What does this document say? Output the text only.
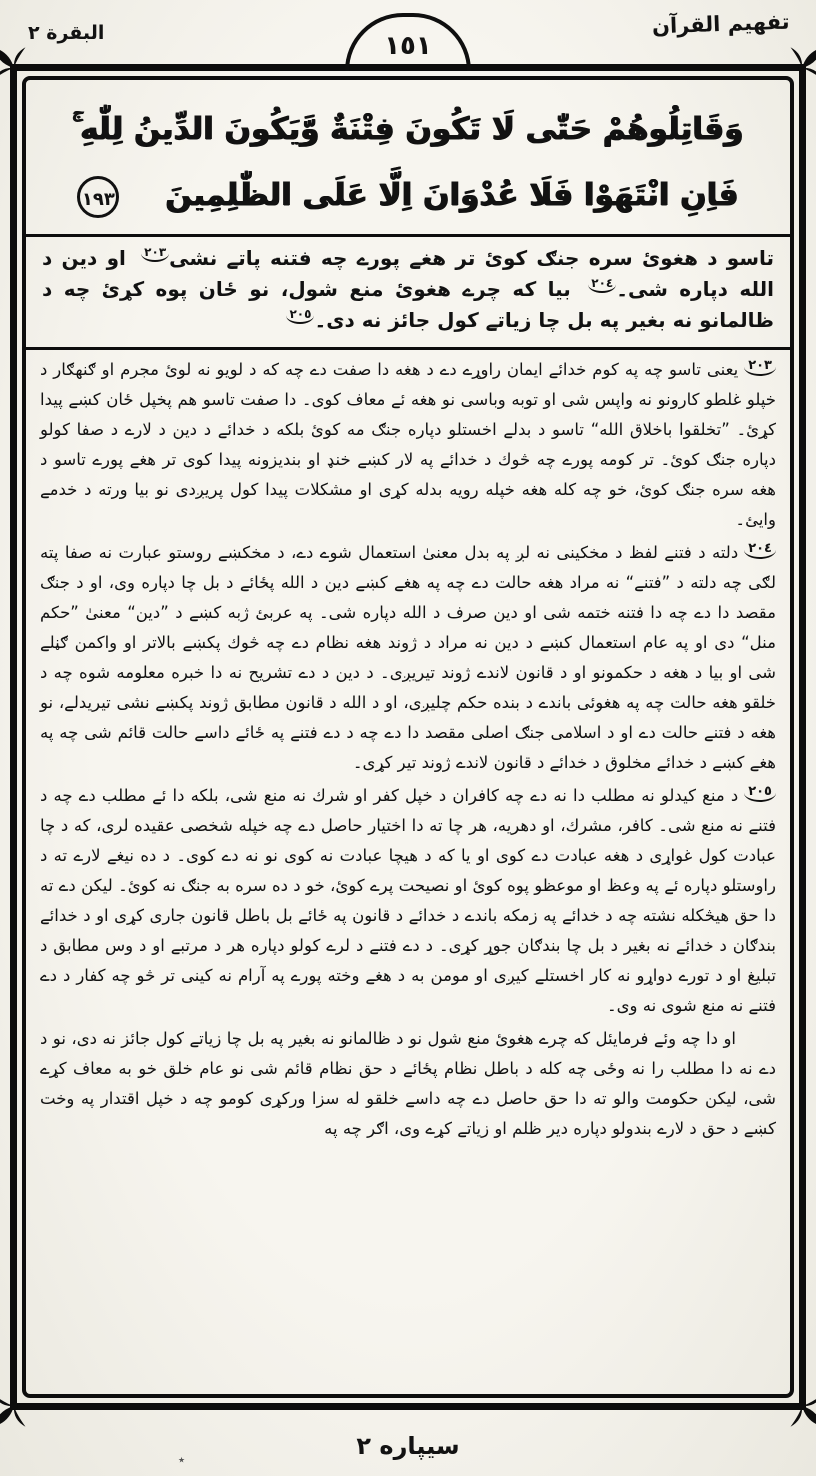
تفهيم القرآن
١٥١
البقرة ٢
وَقَاتِلُوهُمْ حَتّٰى لَا تَكُونَ فِتْنَةٌ وَّيَكُونَ الدِّينُ لِلّٰهِ ۚ
فَاِنِ انْتَهَوْا فَلَا عُدْوَانَ اِلَّا عَلَى الظّٰلِمِينَ١٩٣

تاسو د هغوئ سره جنګ كوئ تر هغے پورے چه فتنه پاتے نشى$^{٢٠٣}$ او دين د الله دپاره شى۔$^{٢٠٤}$ بيا كه چرے هغوئ منع شول، نو ځان پوه كړئ چه د ظالمانو نه بغير په بل چا زياتے كول جائز نه دى۔$^{٢٠٥}$

$^{٢٠٣}$يعنى تاسو چه په كوم خدائے ايمان راوړے دے د هغه دا صفت دے چه كه د لويو نه لوئ مجرم او ګنهګار د خپلو غلطو كارونو نه واپس شى او توبه وباسى نو هغه ئے معاف كوى۔ دا صفت تاسو هم پخپل ځان كښے پيدا كړئ۔ ”تخلقوا باخلاق الله“ تاسو د بدلے اخستلو دپاره جنګ مه كوئ بلكه د خدائے د دين د لارے د صفا كولو دپاره جنګ كوئ۔ تر كومه پورے چه څوك د خدائے په لار كښے خنډ او بنديزونه پيدا كوى تر هغے پورے تاسو د هغه سره جنګ كوئ، خو چه كله هغه خپله رويه بدله كړى او مشكلات پيدا كول پريږدى نو بيا ورته د خدمے وايئ۔

$^{٢٠٤}$دلته د فتنے لفظ د مخكينى نه لږ په بدل معنىٰ استعمال شوے دے، د مخكښے روستو عبارت نه صفا پته لګى چه دلته د ”فتنے“ نه مراد هغه حالت دے چه په هغے كښے دين د الله پځائے د بل چا دپاره وى، او د جنګ مقصد دا دے چه دا فتنه ختمه شى او دين صرف د الله دپاره شى۔ په عربئ ژبه كښے د ”دين“ معنىٰ ”حكم منل“ دى او په عام استعمال كښے د دين نه مراد د ژوند هغه نظام دے چه څوك پكښے بالاتر او واكمن ګڼلے شى او بيا د هغه د حكمونو او د قانون لاندے ژوند تيريږى۔ د دين د دے تشريح نه دا خبره معلومه شوه چه د خلقو هغه حالت چه په هغوئى باندے د بنده حكم چليږى، او د الله د قانون مطابق ژوند پكښے نشى تيريدلے، نو هغه د فتنے حالت دے او د اسلامى جنګ اصلى مقصد دا دے چه د دے فتنے په ځائے داسے حالت قائم شى چه په هغے كښے د خدائے مخلوق د خدائے د قانون لاندے ژوند تير كړى۔

$^{٢٠٥}$د منع كيدلو نه مطلب دا نه دے چه كافران د خپل كفر او شرك نه منع شى، بلكه دا ئے مطلب دے چه د فتنے نه منع شى۔ كافر، مشرك، او دهريه، هر چا ته دا اختيار حاصل دے چه خپله شخصى عقيده لرى، كه د چا عبادت كول غواړى د هغه عبادت دے كوى او يا كه د هيچا عبادت نه كوى نو نه دے كوى۔ د ده نيغے لارے ته د راوستلو دپاره ئے په وعظ او موعظو پوه كوئ او نصيحت پرے كوئ، خو د ده سره به جنګ نه كوئ۔ ليكن دے ته دا حق هيڅكله نشته چه د خدائے په زمكه باندے د خدائے د قانون په ځائے بل باطل قانون جارى كړى او د خدائے بندګان د خدائے نه بغير د بل چا بندګان جوړ كړى۔ د دے فتنے د لرے كولو دپاره هر د مرتبے او د وس مطابق د تبليغ او د تورے دواړو نه كار اخستلے كيږى او مومن به د هغے وخته پورے په آرام نه كينى تر څو چه كفار د دے فتنے نه منع شوى نه وى۔

او دا چه وئے فرمايئل كه چرے هغوئ منع شول نو د ظالمانو نه بغير په بل چا زياتے كول جائز نه دى، نو د دے نه دا مطلب را نه وځى چه كله د باطل نظام پځائے د حق نظام قائم شى نو عام خلق خو به معاف كړے شى، ليكن حكومت والو ته دا حق حاصل دے چه داسے خلقو له سزا وركړى كومو چه د خپل اقتدار په وخت كښے د حق د لارے بندولو دپاره دير ظلم او زياتے كړے وى، اګر چه په

سيپاره ٢
٭
